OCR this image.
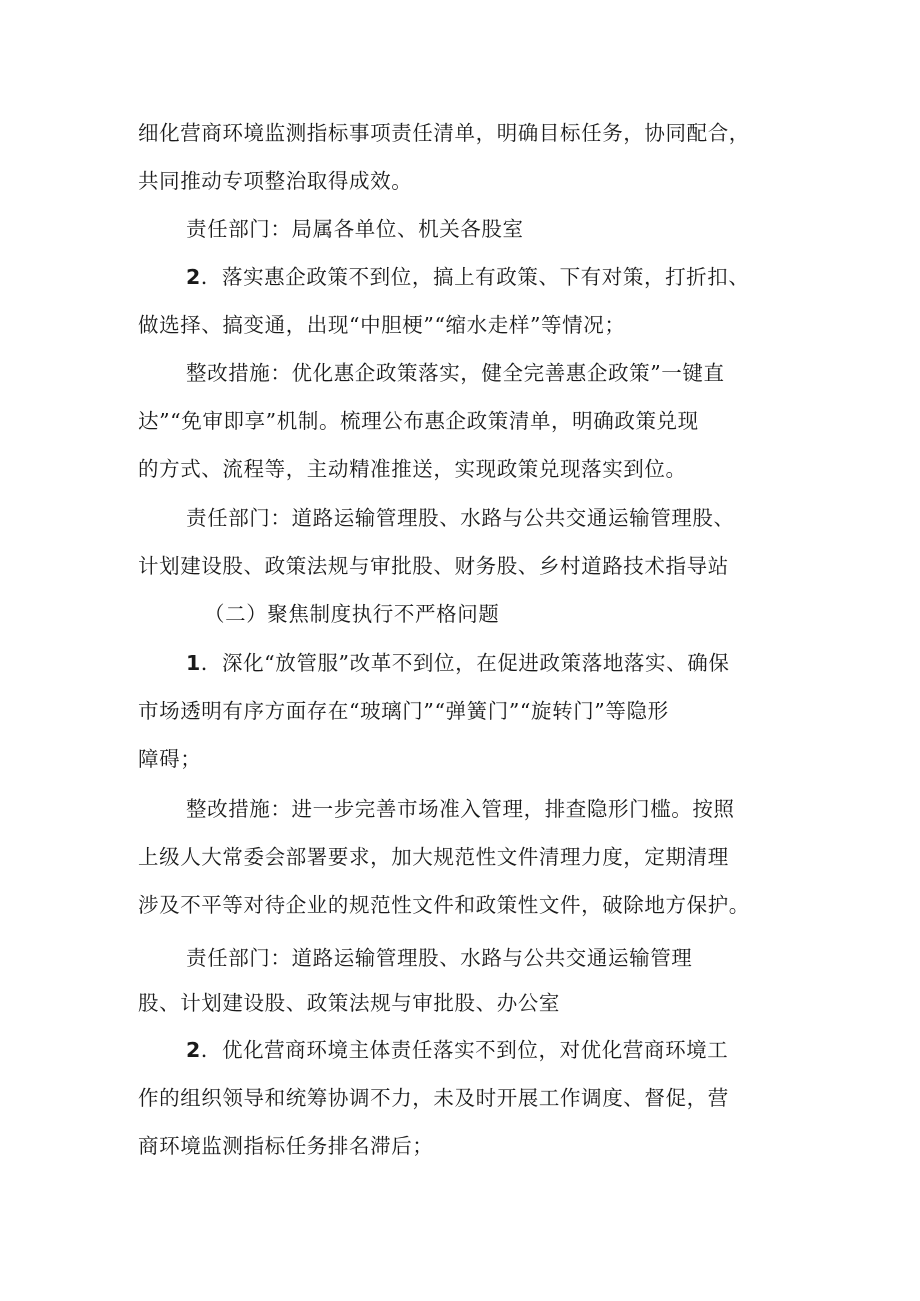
细化营商环境监测指标事项责任清单，明确目标任务，协同配合，
共同推动专项整治取得成效。
责任部门：局属各单位、机关各股室
2．落实惠企政策不到位，搞上有政策、下有对策，打折扣、
做选择、搞变通，出现“中胆梗”“缩水走样”等情况；
整改措施：优化惠企政策落实，健全完善惠企政策”一键直
达”“免审即享”机制。梳理公布惠企政策清单，明确政策兑现
的方式、流程等，主动精准推送，实现政策兑现落实到位。
责任部门：道路运输管理股、水路与公共交通运输管理股、
计划建设股、政策法规与审批股、财务股、乡村道路技术指导站
（二）聚焦制度执行不严格问题
1．深化“放管服”改革不到位，在促进政策落地落实、确保
市场透明有序方面存在“玻璃门”“弹簧门”“旋转门”等隐形
障碍；
整改措施：进一步完善市场准入管理，排查隐形门槛。按照
上级人大常委会部署要求，加大规范性文件清理力度，定期清理
涉及不平等对待企业的规范性文件和政策性文件，破除地方保护。
责任部门：道路运输管理股、水路与公共交通运输管理
股、计划建设股、政策法规与审批股、办公室
2．优化营商环境主体责任落实不到位，对优化营商环境工
作的组织领导和统筹协调不力，未及时开展工作调度、督促，营
商环境监测指标任务排名滞后；
